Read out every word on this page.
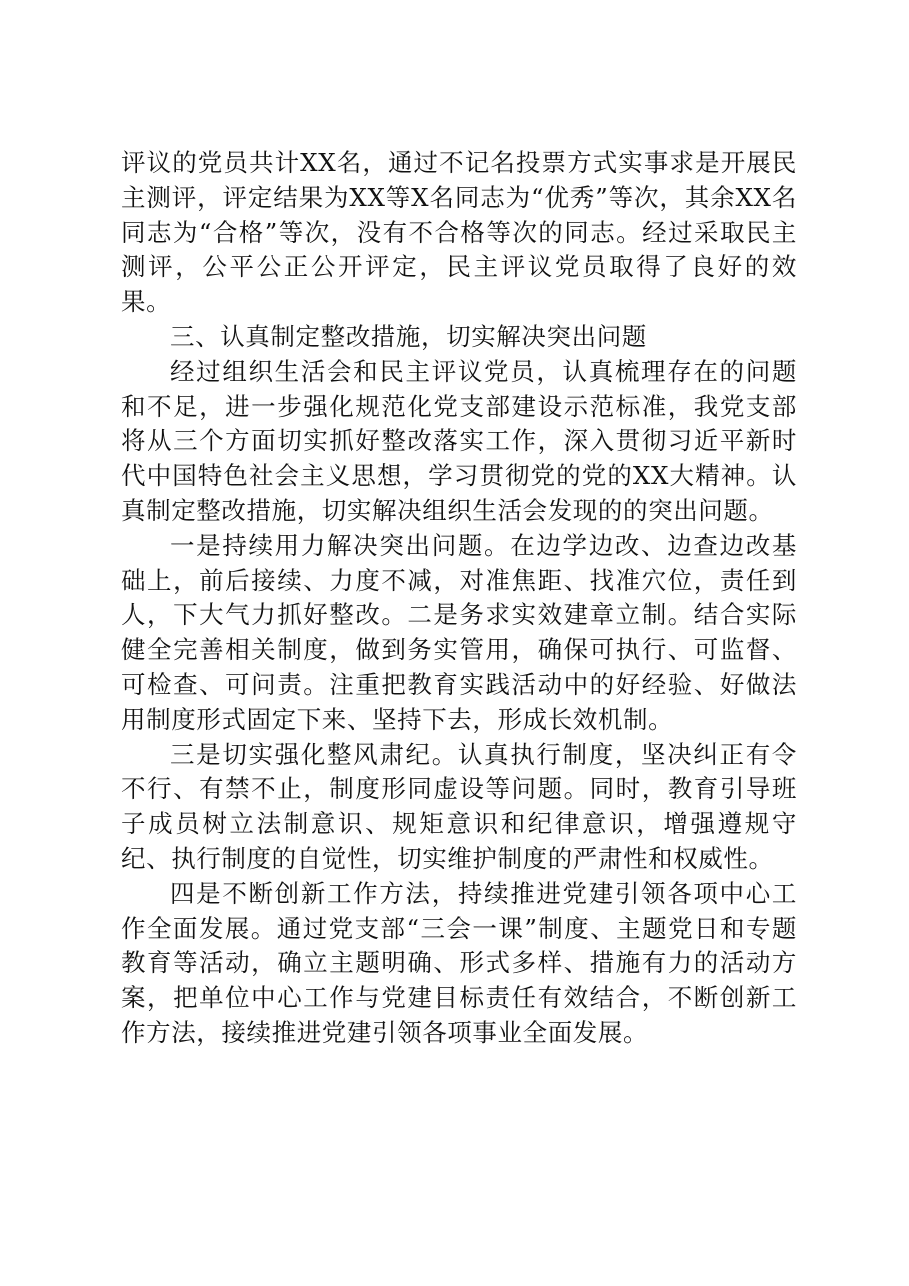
评议的党员共计XX名，通过不记名投票方式实事求是开展民主测评，评定结果为XX等X名同志为“优秀”等次，其余XX名同志为“合格”等次，没有不合格等次的同志。经过采取民主测评，公平公正公开评定，民主评议党员取得了良好的效果。

三、认真制定整改措施，切实解决突出问题

经过组织生活会和民主评议党员，认真梳理存在的问题和不足，进一步强化规范化党支部建设示范标准，我党支部将从三个方面切实抓好整改落实工作，深入贯彻习近平新时代中国特色社会主义思想，学习贯彻党的党的XX大精神。认真制定整改措施，切实解决组织生活会发现的的突出问题。

一是持续用力解决突出问题。在边学边改、边查边改基础上，前后接续、力度不减，对准焦距、找准穴位，责任到人，下大气力抓好整改。二是务求实效建章立制。结合实际健全完善相关制度，做到务实管用，确保可执行、可监督、可检查、可问责。注重把教育实践活动中的好经验、好做法用制度形式固定下来、坚持下去，形成长效机制。

三是切实强化整风肃纪。认真执行制度，坚决纠正有令不行、有禁不止，制度形同虚设等问题。同时，教育引导班子成员树立法制意识、规矩意识和纪律意识，增强遵规守纪、执行制度的自觉性，切实维护制度的严肃性和权威性。

四是不断创新工作方法，持续推进党建引领各项中心工作全面发展。通过党支部“三会一课”制度、主题党日和专题教育等活动，确立主题明确、形式多样、措施有力的活动方案，把单位中心工作与党建目标责任有效结合，不断创新工作方法，接续推进党建引领各项事业全面发展。
